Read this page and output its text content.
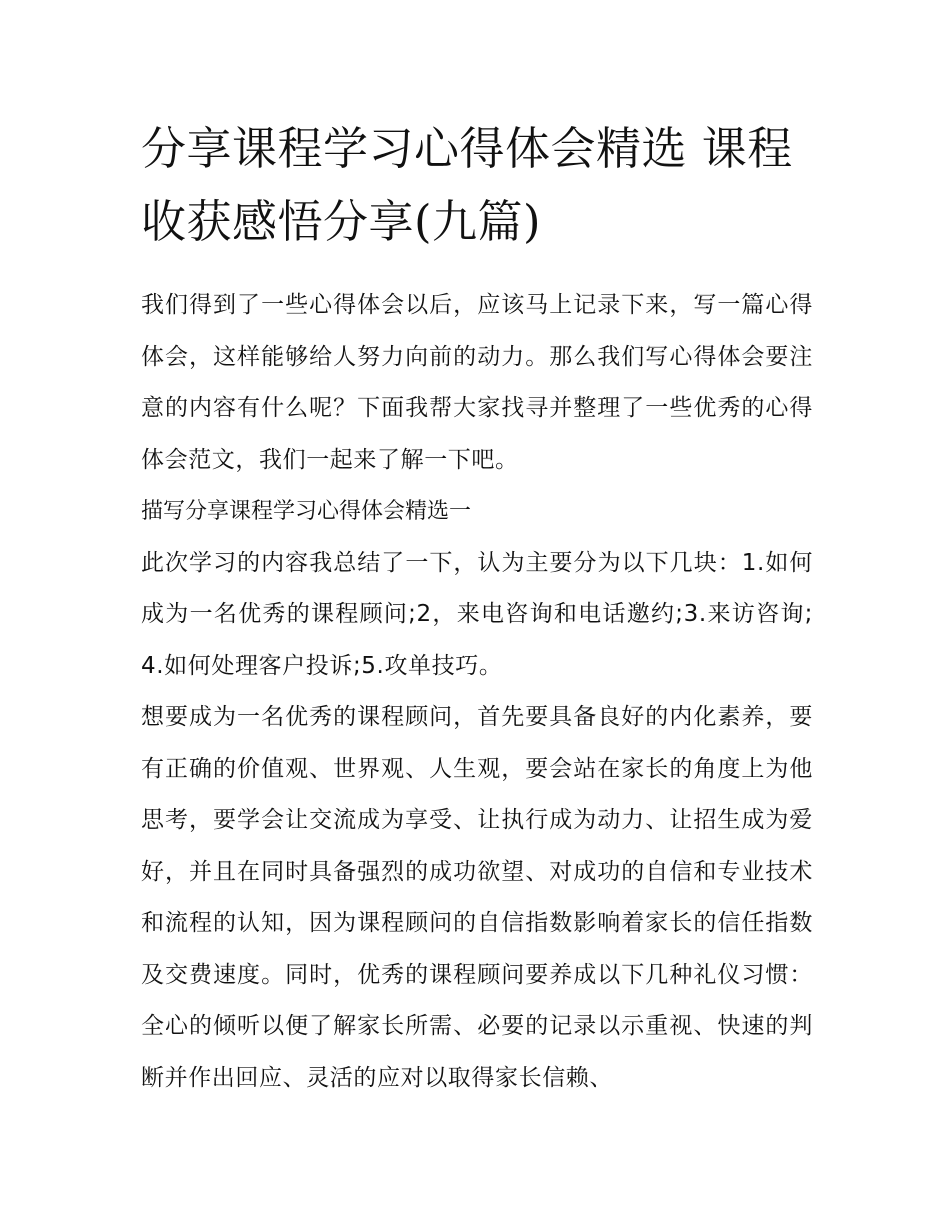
分享课程学习心得体会精选 课程收获感悟分享(九篇)

我们得到了一些心得体会以后，应该马上记录下来，写一篇心得体会，这样能够给人努力向前的动力。那么我们写心得体会要注意的内容有什么呢？下面我帮大家找寻并整理了一些优秀的心得体会范文，我们一起来了解一下吧。

描写分享课程学习心得体会精选一

此次学习的内容我总结了一下，认为主要分为以下几块：1.如何成为一名优秀的课程顾问;2，来电咨询和电话邀约;3.来访咨询;4.如何处理客户投诉;5.攻单技巧。

想要成为一名优秀的课程顾问，首先要具备良好的内化素养，要有正确的价值观、世界观、人生观，要会站在家长的角度上为他思考，要学会让交流成为享受、让执行成为动力、让招生成为爱好，并且在同时具备强烈的成功欲望、对成功的自信和专业技术和流程的认知，因为课程顾问的自信指数影响着家长的信任指数及交费速度。同时，优秀的课程顾问要养成以下几种礼仪习惯：全心的倾听以便了解家长所需、必要的记录以示重视、快速的判断并作出回应、灵活的应对以取得家长信赖、
